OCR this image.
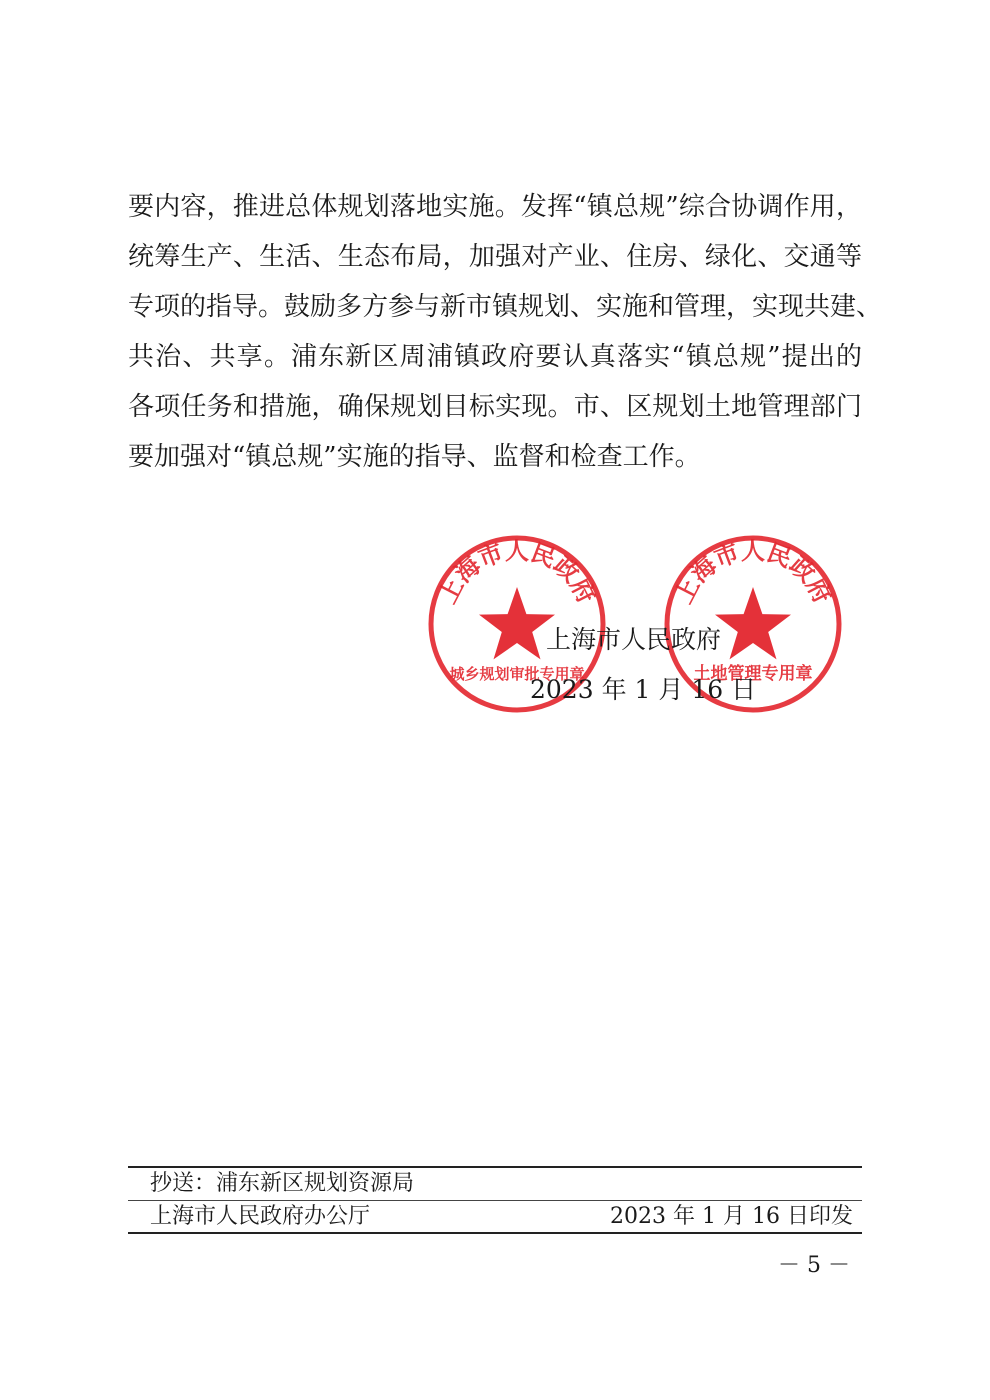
要内容，推进总体规划落地实施。发挥“镇总规”综合协调作用，
统筹生产、生活、生态布局，加强对产业、住房、绿化、交通等
专项的指导。鼓励多方参与新市镇规划、实施和管理，实现共建、
共治、共享。浦东新区周浦镇政府要认真落实“镇总规”提出的
各项任务和措施，确保规划目标实现。市、区规划土地管理部门
要加强对“镇总规”实施的指导、监督和检查工作。
上海市人民政府
城乡规划审批专用章
上海市人民政府
土地管理专用章
上海市人民政府
2023 年 1 月 16 日
抄送：浦东新区规划资源局
上海市人民政府办公厅	2023 年 1 月 16 日印发
－ 5 －
